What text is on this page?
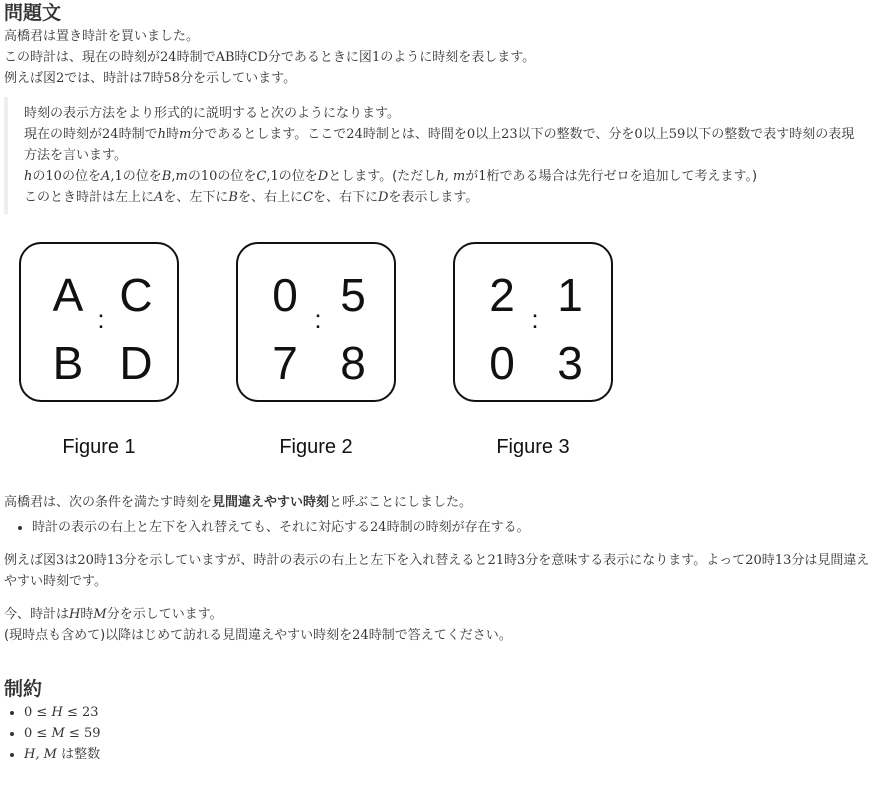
問題文

高橋君は置き時計を買いました。

この時計は、現在の時刻が24時制でAB時CD分であるときに図1のように時刻を表します。

例えば図2では、時計は7時58分を示しています。

時刻の表示方法をより形式的に説明すると次のようになります。

現在の時刻が24時制でh時m分であるとします。ここで24時制とは、時間を0以上23以下の整数で、分を0以上59以下の整数で表す時刻の表現方法を言います。

hの10の位をA,1の位をB,mの10の位をC,1の位をDとします。(ただしh, mが1桁である場合は先行ゼロを追加して考えます。)

このとき時計は左上にAを、左下にBを、右上にCを、右下にDを表示します。

A C
:
B D
Figure 1
0 5
:
7 8
Figure 2
2 1
:
0 3
Figure 3

高橋君は、次の条件を満たす時刻を見間違えやすい時刻と呼ぶことにしました。

• 時計の表示の右上と左下を入れ替えても、それに対応する24時制の時刻が存在する。

例えば図3は20時13分を示していますが、時計の表示の右上と左下を入れ替えると21時3分を意味する表示になります。よって20時13分は見間違えやすい時刻です。

今、時計はH時M分を示しています。

(現時点も含めて)以降はじめて訪れる見間違えやすい時刻を24時制で答えてください。

制約
• 0 ≤ H ≤ 23
• 0 ≤ M ≤ 59
• H, M は整数
